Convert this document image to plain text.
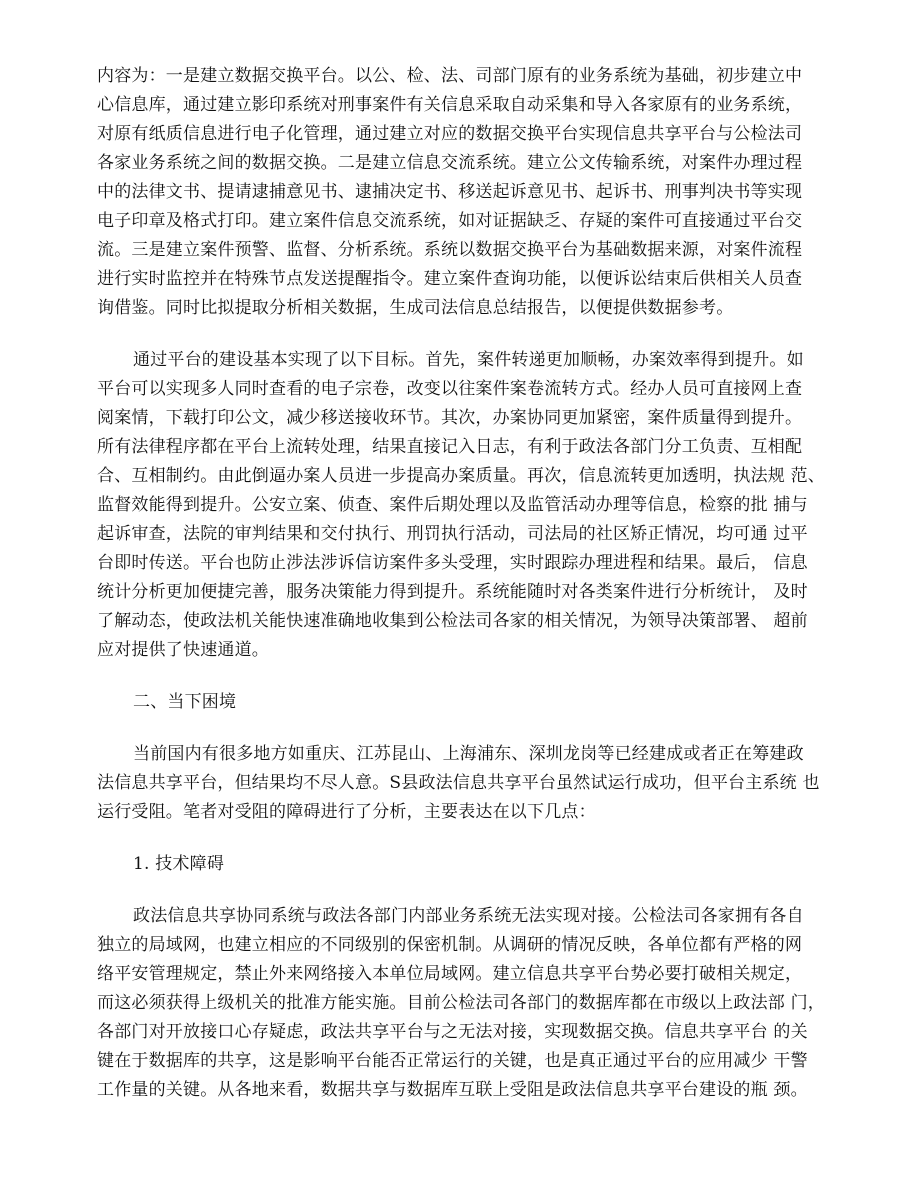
内容为：一是建立数据交换平台。以公、检、法、司部门原有的业务系统为基础，初步建立中
心信息库，通过建立影印系统对刑事案件有关信息采取自动采集和导入各家原有的业务系统，
对原有纸质信息进行电子化管理，通过建立对应的数据交换平台实现信息共享平台与公检法司
各家业务系统之间的数据交换。二是建立信息交流系统。建立公文传输系统，对案件办理过程
中的法律文书、提请逮捕意见书、逮捕决定书、移送起诉意见书、起诉书、刑事判决书等实现
电子印章及格式打印。建立案件信息交流系统，如对证据缺乏、存疑的案件可直接通过平台交
流。三是建立案件预警、监督、分析系统。系统以数据交换平台为基础数据来源，对案件流程
进行实时监控并在特殊节点发送提醒指令。建立案件查询功能，以便诉讼结束后供相关人员查
询借鉴。同时比拟提取分析相关数据，生成司法信息总结报告，以便提供数据参考。
通过平台的建设基本实现了以下目标。首先，案件转递更加顺畅，办案效率得到提升。如
平台可以实现多人同时查看的电子宗卷，改变以往案件案卷流转方式。经办人员可直接网上查
阅案情，下载打印公文，减少移送接收环节。其次，办案协同更加紧密，案件质量得到提升。
所有法律程序都在平台上流转处理，结果直接记入日志，有利于政法各部门分工负责、互相配
合、互相制约。由此倒逼办案人员进一步提高办案质量。再次，信息流转更加透明，执法规 范、
监督效能得到提升。公安立案、侦查、案件后期处理以及监管活动办理等信息，检察的批 捕与
起诉审查，法院的审判结果和交付执行、刑罚执行活动，司法局的社区矫正情况，均可通 过平
台即时传送。平台也防止涉法涉诉信访案件多头受理，实时跟踪办理进程和结果。最后， 信息
统计分析更加便捷完善，服务决策能力得到提升。系统能随时对各类案件进行分析统计， 及时
了解动态，使政法机关能快速准确地收集到公检法司各家的相关情况，为领导决策部署、 超前
应对提供了快速通道。
二、当下困境
当前国内有很多地方如重庆、江苏昆山、上海浦东、深圳龙岗等已经建成或者正在筹建政
法信息共享平台，但结果均不尽人意。S县政法信息共享平台虽然试运行成功，但平台主系统 也
运行受阻。笔者对受阻的障碍进行了分析，主要表达在以下几点：
1. 技术障碍
政法信息共享协同系统与政法各部门内部业务系统无法实现对接。公检法司各家拥有各自
独立的局域网，也建立相应的不同级别的保密机制。从调研的情况反映，各单位都有严格的网
络平安管理规定，禁止外来网络接入本单位局域网。建立信息共享平台势必要打破相关规定，
而这必须获得上级机关的批准方能实施。目前公检法司各部门的数据库都在市级以上政法部 门，
各部门对开放接口心存疑虑，政法共享平台与之无法对接，实现数据交换。信息共享平台 的关
键在于数据库的共享，这是影响平台能否正常运行的关键，也是真正通过平台的应用减少 干警
工作量的关键。从各地来看，数据共享与数据库互联上受阻是政法信息共享平台建设的瓶 颈。
